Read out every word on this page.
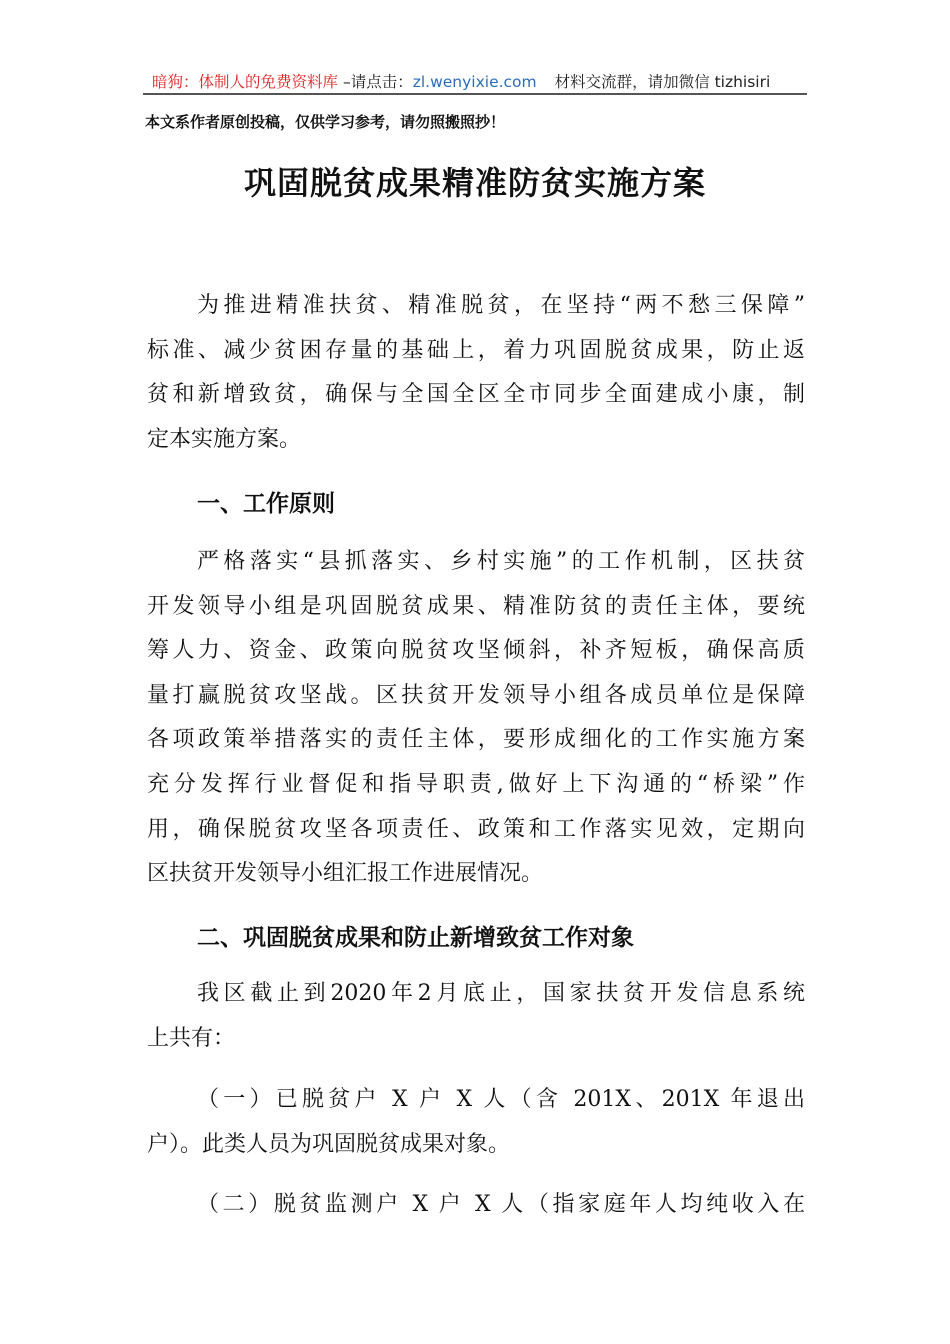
暗狗：体制人的免费资料库 –请点击：zl.wenyixie.com 材料交流群，请加微信 tizhisiri
本文系作者原创投稿，仅供学习参考，请勿照搬照抄！
巩固脱贫成果精准防贫实施方案
为推进精准扶贫、精准脱贫，在坚持“两不愁三保障”
标准、减少贫困存量的基础上，着力巩固脱贫成果，防止返
贫和新增致贫，确保与全国全区全市同步全面建成小康，制
定本实施方案。
一、工作原则
严格落实“县抓落实、乡村实施”的工作机制，区扶贫
开发领导小组是巩固脱贫成果、精准防贫的责任主体，要统
筹人力、资金、政策向脱贫攻坚倾斜，补齐短板，确保高质
量打赢脱贫攻坚战。区扶贫开发领导小组各成员单位是保障
各项政策举措落实的责任主体，要形成细化的工作实施方案
充分发挥行业督促和指导职责,做好上下沟通的“桥梁”作
用，确保脱贫攻坚各项责任、政策和工作落实见效，定期向
区扶贫开发领导小组汇报工作进展情况。
二、巩固脱贫成果和防止新增致贫工作对象
我区截止到2020年2月底止，国家扶贫开发信息系统
上共有：
（一）已脱贫户 X 户 X 人（含 201X、201X 年退出
户）。此类人员为巩固脱贫成果对象。
（二）脱贫监测户 X 户 X 人（指家庭年人均纯收入在
